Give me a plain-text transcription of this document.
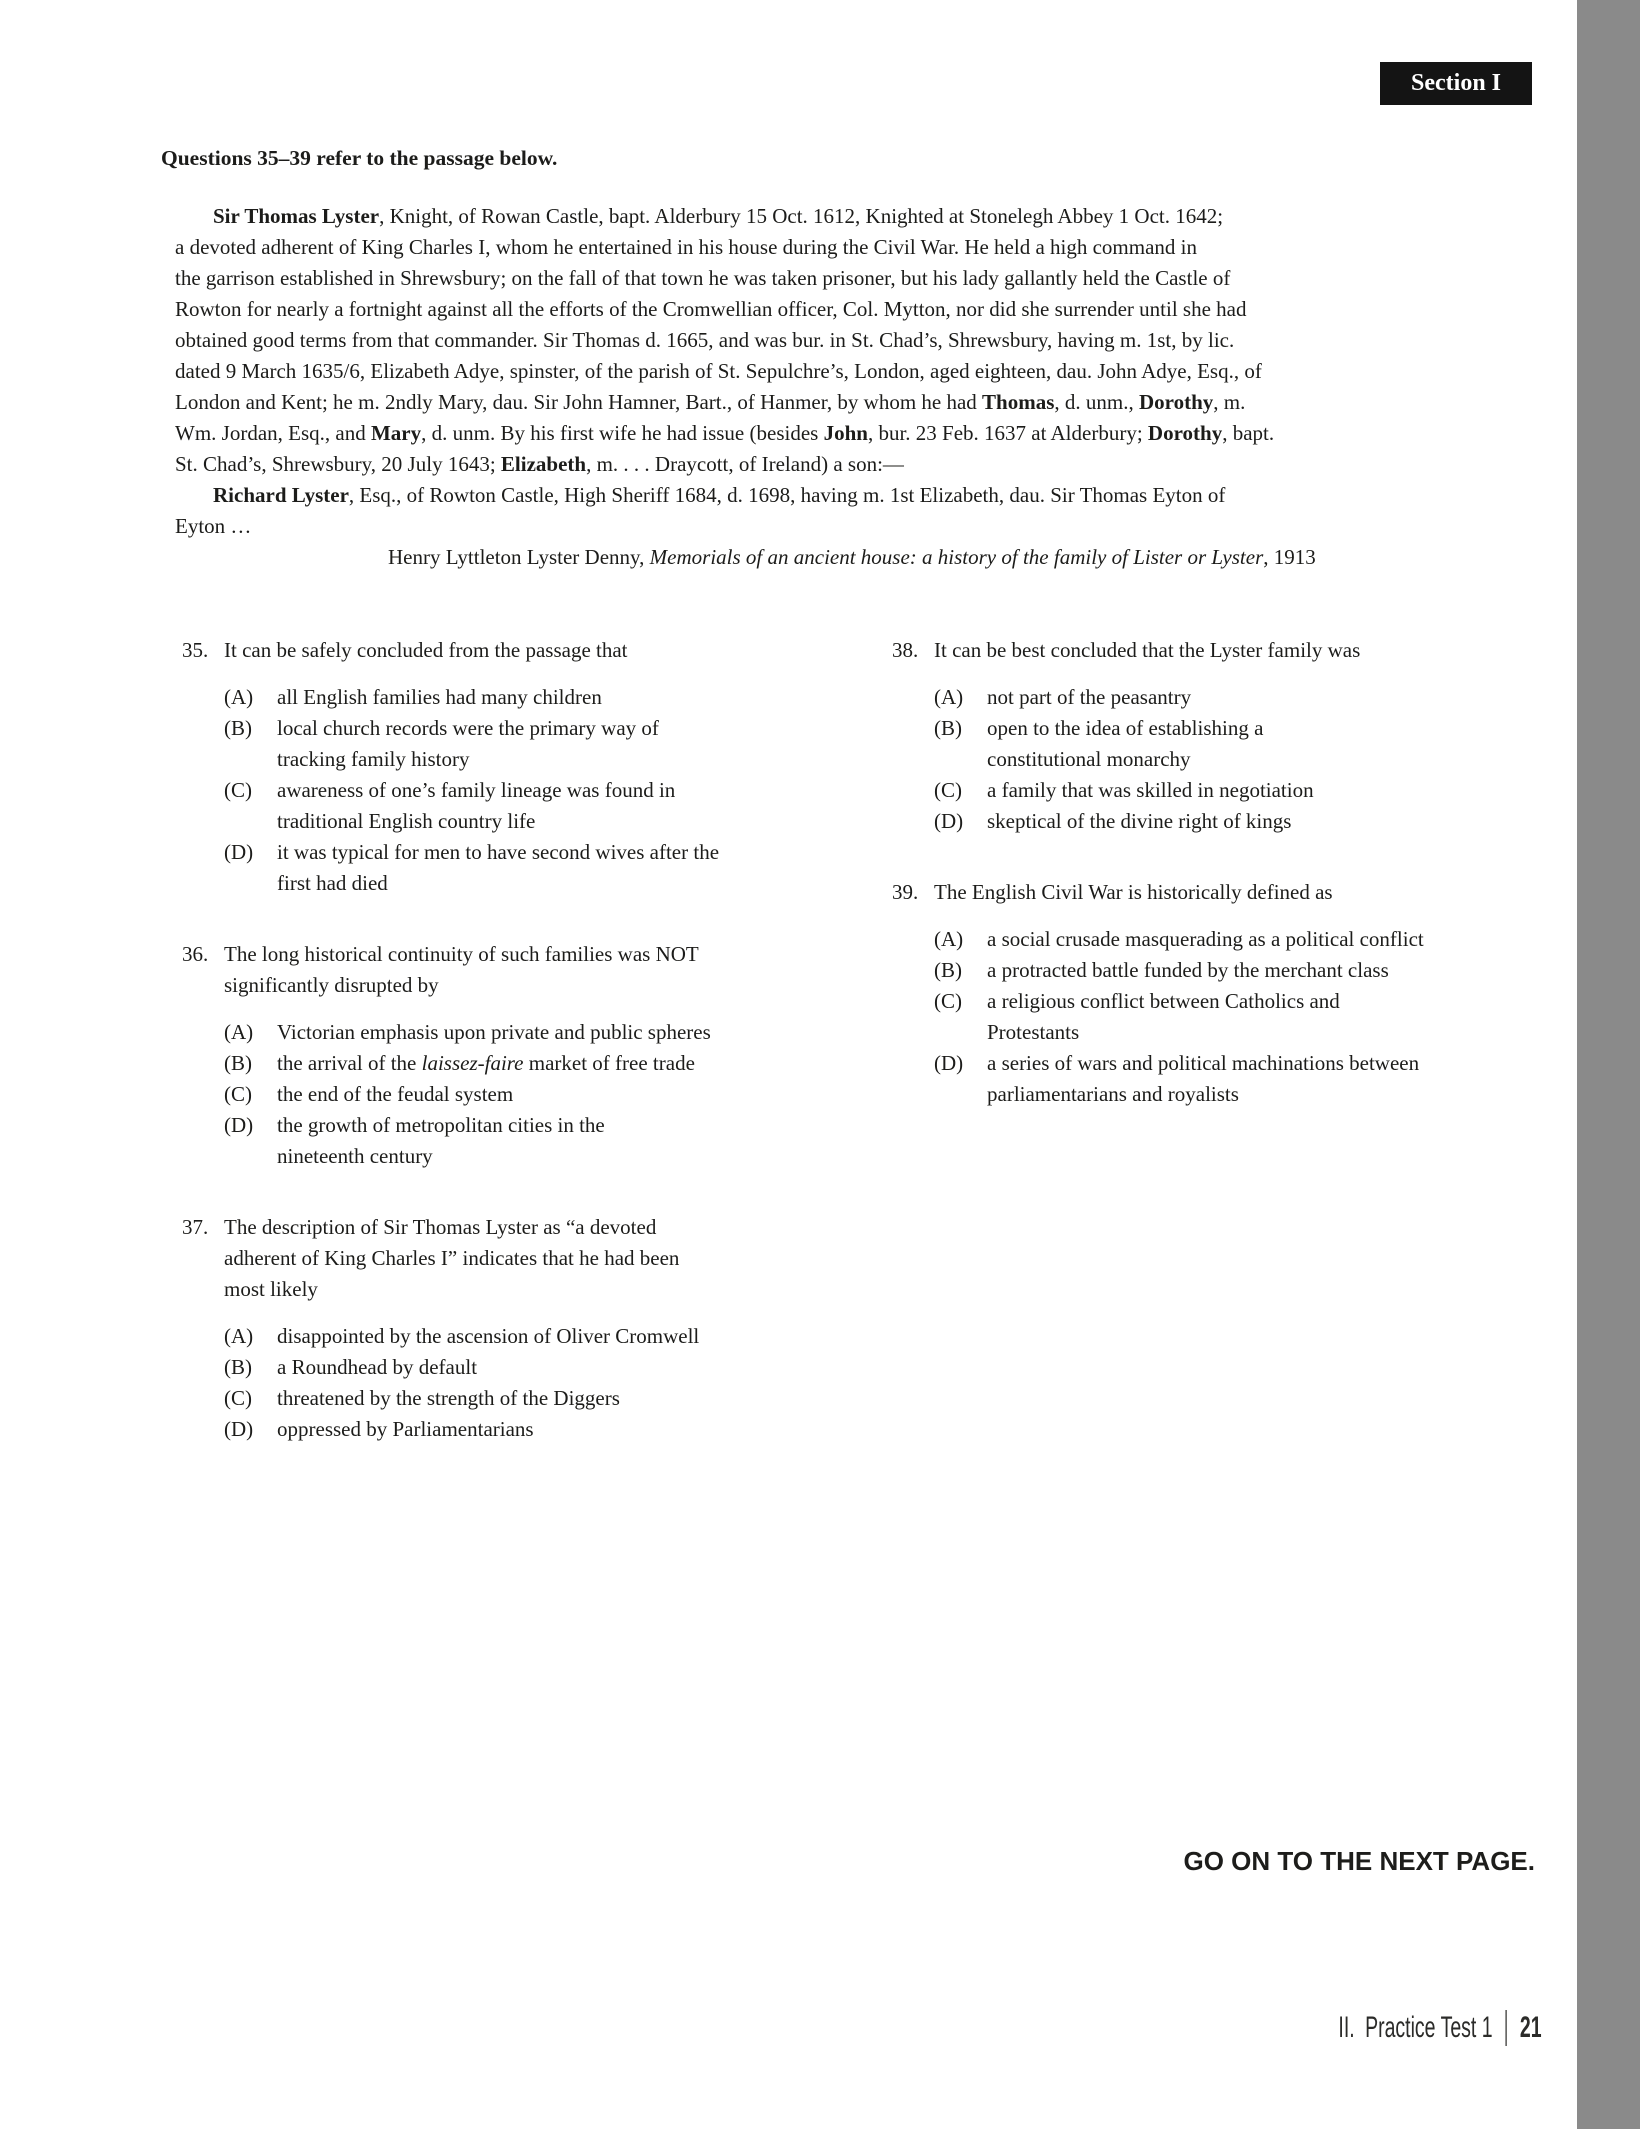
Section I
Questions 35–39 refer to the passage below.
Sir Thomas Lyster, Knight, of Rowan Castle, bapt. Alderbury 15 Oct. 1612, Knighted at Stonelegh Abbey 1 Oct. 1642;
a devoted adherent of King Charles I, whom he entertained in his house during the Civil War. He held a high command in
the garrison established in Shrewsbury; on the fall of that town he was taken prisoner, but his lady gallantly held the Castle of
Rowton for nearly a fortnight against all the efforts of the Cromwellian officer, Col. Mytton, nor did she surrender until she had
obtained good terms from that commander. Sir Thomas d. 1665, and was bur. in St. Chad’s, Shrewsbury, having m. 1st, by lic.
dated 9 March 1635/6, Elizabeth Adye, spinster, of the parish of St. Sepulchre’s, London, aged eighteen, dau. John Adye, Esq., of
London and Kent; he m. 2ndly Mary, dau. Sir John Hamner, Bart., of Hanmer, by whom he had Thomas, d. unm., Dorothy, m.
Wm. Jordan, Esq., and Mary, d. unm. By his first wife he had issue (besides John, bur. 23 Feb. 1637 at Alderbury; Dorothy, bapt.
St. Chad’s, Shrewsbury, 20 July 1643; Elizabeth, m. . . . Draycott, of Ireland) a son:—
Richard Lyster, Esq., of Rowton Castle, High Sheriff 1684, d. 1698, having m. 1st Elizabeth, dau. Sir Thomas Eyton of
Eyton …
Henry Lyttleton Lyster Denny, Memorials of an ancient house: a history of the family of Lister or Lyster, 1913
35. It can be safely concluded from the passage that
(A) all English families had many children
(B) local church records were the primary way of
tracking family history
(C) awareness of one’s family lineage was found in
traditional English country life
(D) it was typical for men to have second wives after the
first had died
36. The long historical continuity of such families was NOT
significantly disrupted by
(A) Victorian emphasis upon private and public spheres
(B) the arrival of the laissez-faire market of free trade
(C) the end of the feudal system
(D) the growth of metropolitan cities in the
nineteenth century
37. The description of Sir Thomas Lyster as “a devoted
adherent of King Charles I” indicates that he had been
most likely
(A) disappointed by the ascension of Oliver Cromwell
(B) a Roundhead by default
(C) threatened by the strength of the Diggers
(D) oppressed by Parliamentarians
38. It can be best concluded that the Lyster family was
(A) not part of the peasantry
(B) open to the idea of establishing a
constitutional monarchy
(C) a family that was skilled in negotiation
(D) skeptical of the divine right of kings
39. The English Civil War is historically defined as
(A) a social crusade masquerading as a political conflict
(B) a protracted battle funded by the merchant class
(C) a religious conflict between Catholics and
Protestants
(D) a series of wars and political machinations between
parliamentarians and royalists
GO ON TO THE NEXT PAGE.
II. Practice Test 1 21
